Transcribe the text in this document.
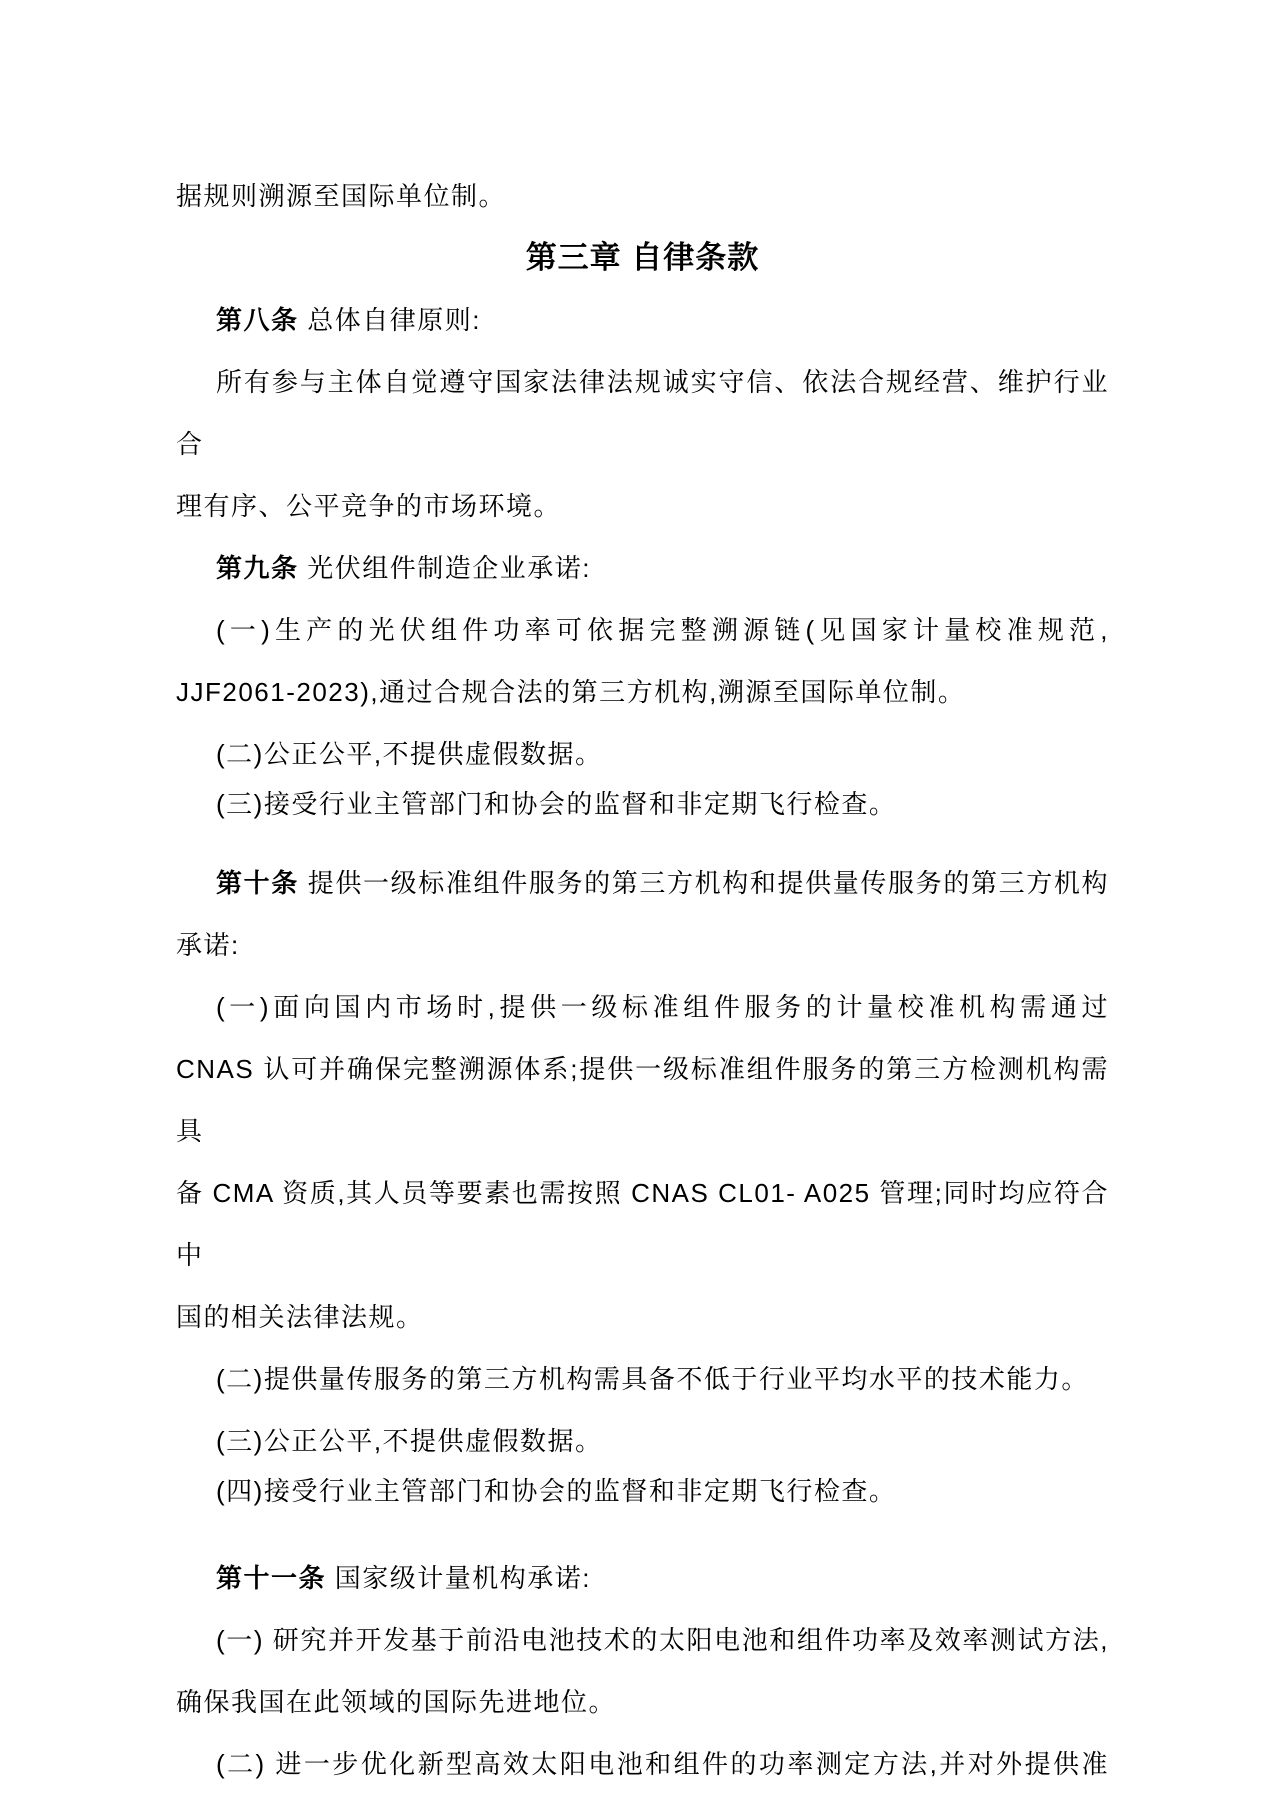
据规则溯源至国际单位制。
第三章 自律条款
第八条 总体自律原则:
所有参与主体自觉遵守国家法律法规诚实守信、依法合规经营、维护行业合
理有序、公平竞争的市场环境。
第九条 光伏组件制造企业承诺:
(一)生产的光伏组件功率可依据完整溯源链(见国家计量校准规范,
JJF2061-2023),通过合规合法的第三方机构,溯源至国际单位制。
(二)公正公平,不提供虚假数据。
(三)接受行业主管部门和协会的监督和非定期飞行检查。
第十条 提供一级标准组件服务的第三方机构和提供量传服务的第三方机构
承诺:
(一)面向国内市场时,提供一级标准组件服务的计量校准机构需通过
CNAS 认可并确保完整溯源体系;提供一级标准组件服务的第三方检测机构需具
备 CMA 资质,其人员等要素也需按照 CNAS CL01- A025 管理;同时均应符合中
国的相关法律法规。
(二)提供量传服务的第三方机构需具备不低于行业平均水平的技术能力。
(三)公正公平,不提供虚假数据。
(四)接受行业主管部门和协会的监督和非定期飞行检查。
第十一条 国家级计量机构承诺:
(一) 研究并开发基于前沿电池技术的太阳电池和组件功率及效率测试方法,
确保我国在此领域的国际先进地位。
(二) 进一步优化新型高效太阳电池和组件的功率测定方法,并对外提供准
